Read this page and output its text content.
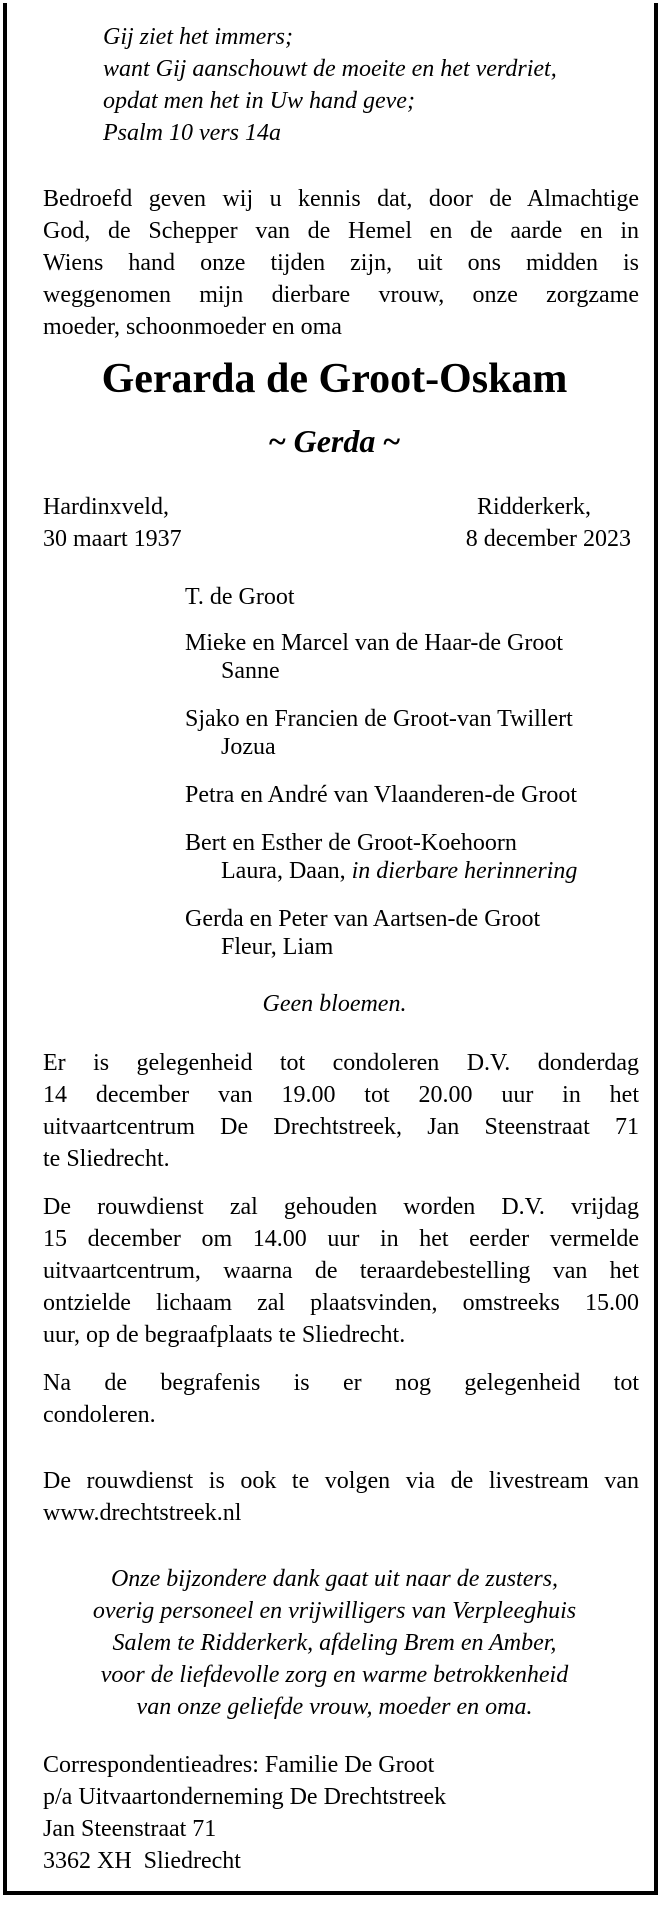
Gij ziet het immers;
want Gij aanschouwt de moeite en het verdriet,
opdat men het in Uw hand geve;
Psalm 10 vers 14a
Bedroefd geven wij u kennis dat, door de Almachtige
God, de Schepper van de Hemel en de aarde en in
Wiens hand onze tijden zijn, uit ons midden is
weggenomen mijn dierbare vrouw, onze zorgzame
moeder, schoonmoeder en oma
Gerarda de Groot-Oskam
~ Gerda ~
Hardinxveld,
30 maart 1937
Ridderkerk,
8 december 2023
T. de Groot
Mieke en Marcel van de Haar-de Groot
Sanne
Sjako en Francien de Groot-van Twillert
Jozua
Petra en André van Vlaanderen-de Groot
Bert en Esther de Groot-Koehoorn
Laura, Daan, in dierbare herinnering
Gerda en Peter van Aartsen-de Groot
Fleur, Liam
Geen bloemen.
Er is gelegenheid tot condoleren D.V. donderdag
14 december van 19.00 tot 20.00 uur in het
uitvaartcentrum De Drechtstreek, Jan Steenstraat 71
te Sliedrecht.
De rouwdienst zal gehouden worden D.V. vrijdag
15 december om 14.00 uur in het eerder vermelde
uitvaartcentrum, waarna de teraardebestelling van het
ontzielde lichaam zal plaatsvinden, omstreeks 15.00
uur, op de begraafplaats te Sliedrecht.
Na de begrafenis is er nog gelegenheid tot
condoleren.
De rouwdienst is ook te volgen via de livestream van
www.drechtstreek.nl
Onze bijzondere dank gaat uit naar de zusters,
overig personeel en vrijwilligers van Verpleeghuis
Salem te Ridderkerk, afdeling Brem en Amber,
voor de liefdevolle zorg en warme betrokkenheid
van onze geliefde vrouw, moeder en oma.
Correspondentieadres: Familie De Groot
p/a Uitvaartonderneming De Drechtstreek
Jan Steenstraat 71
3362 XH  Sliedrecht
